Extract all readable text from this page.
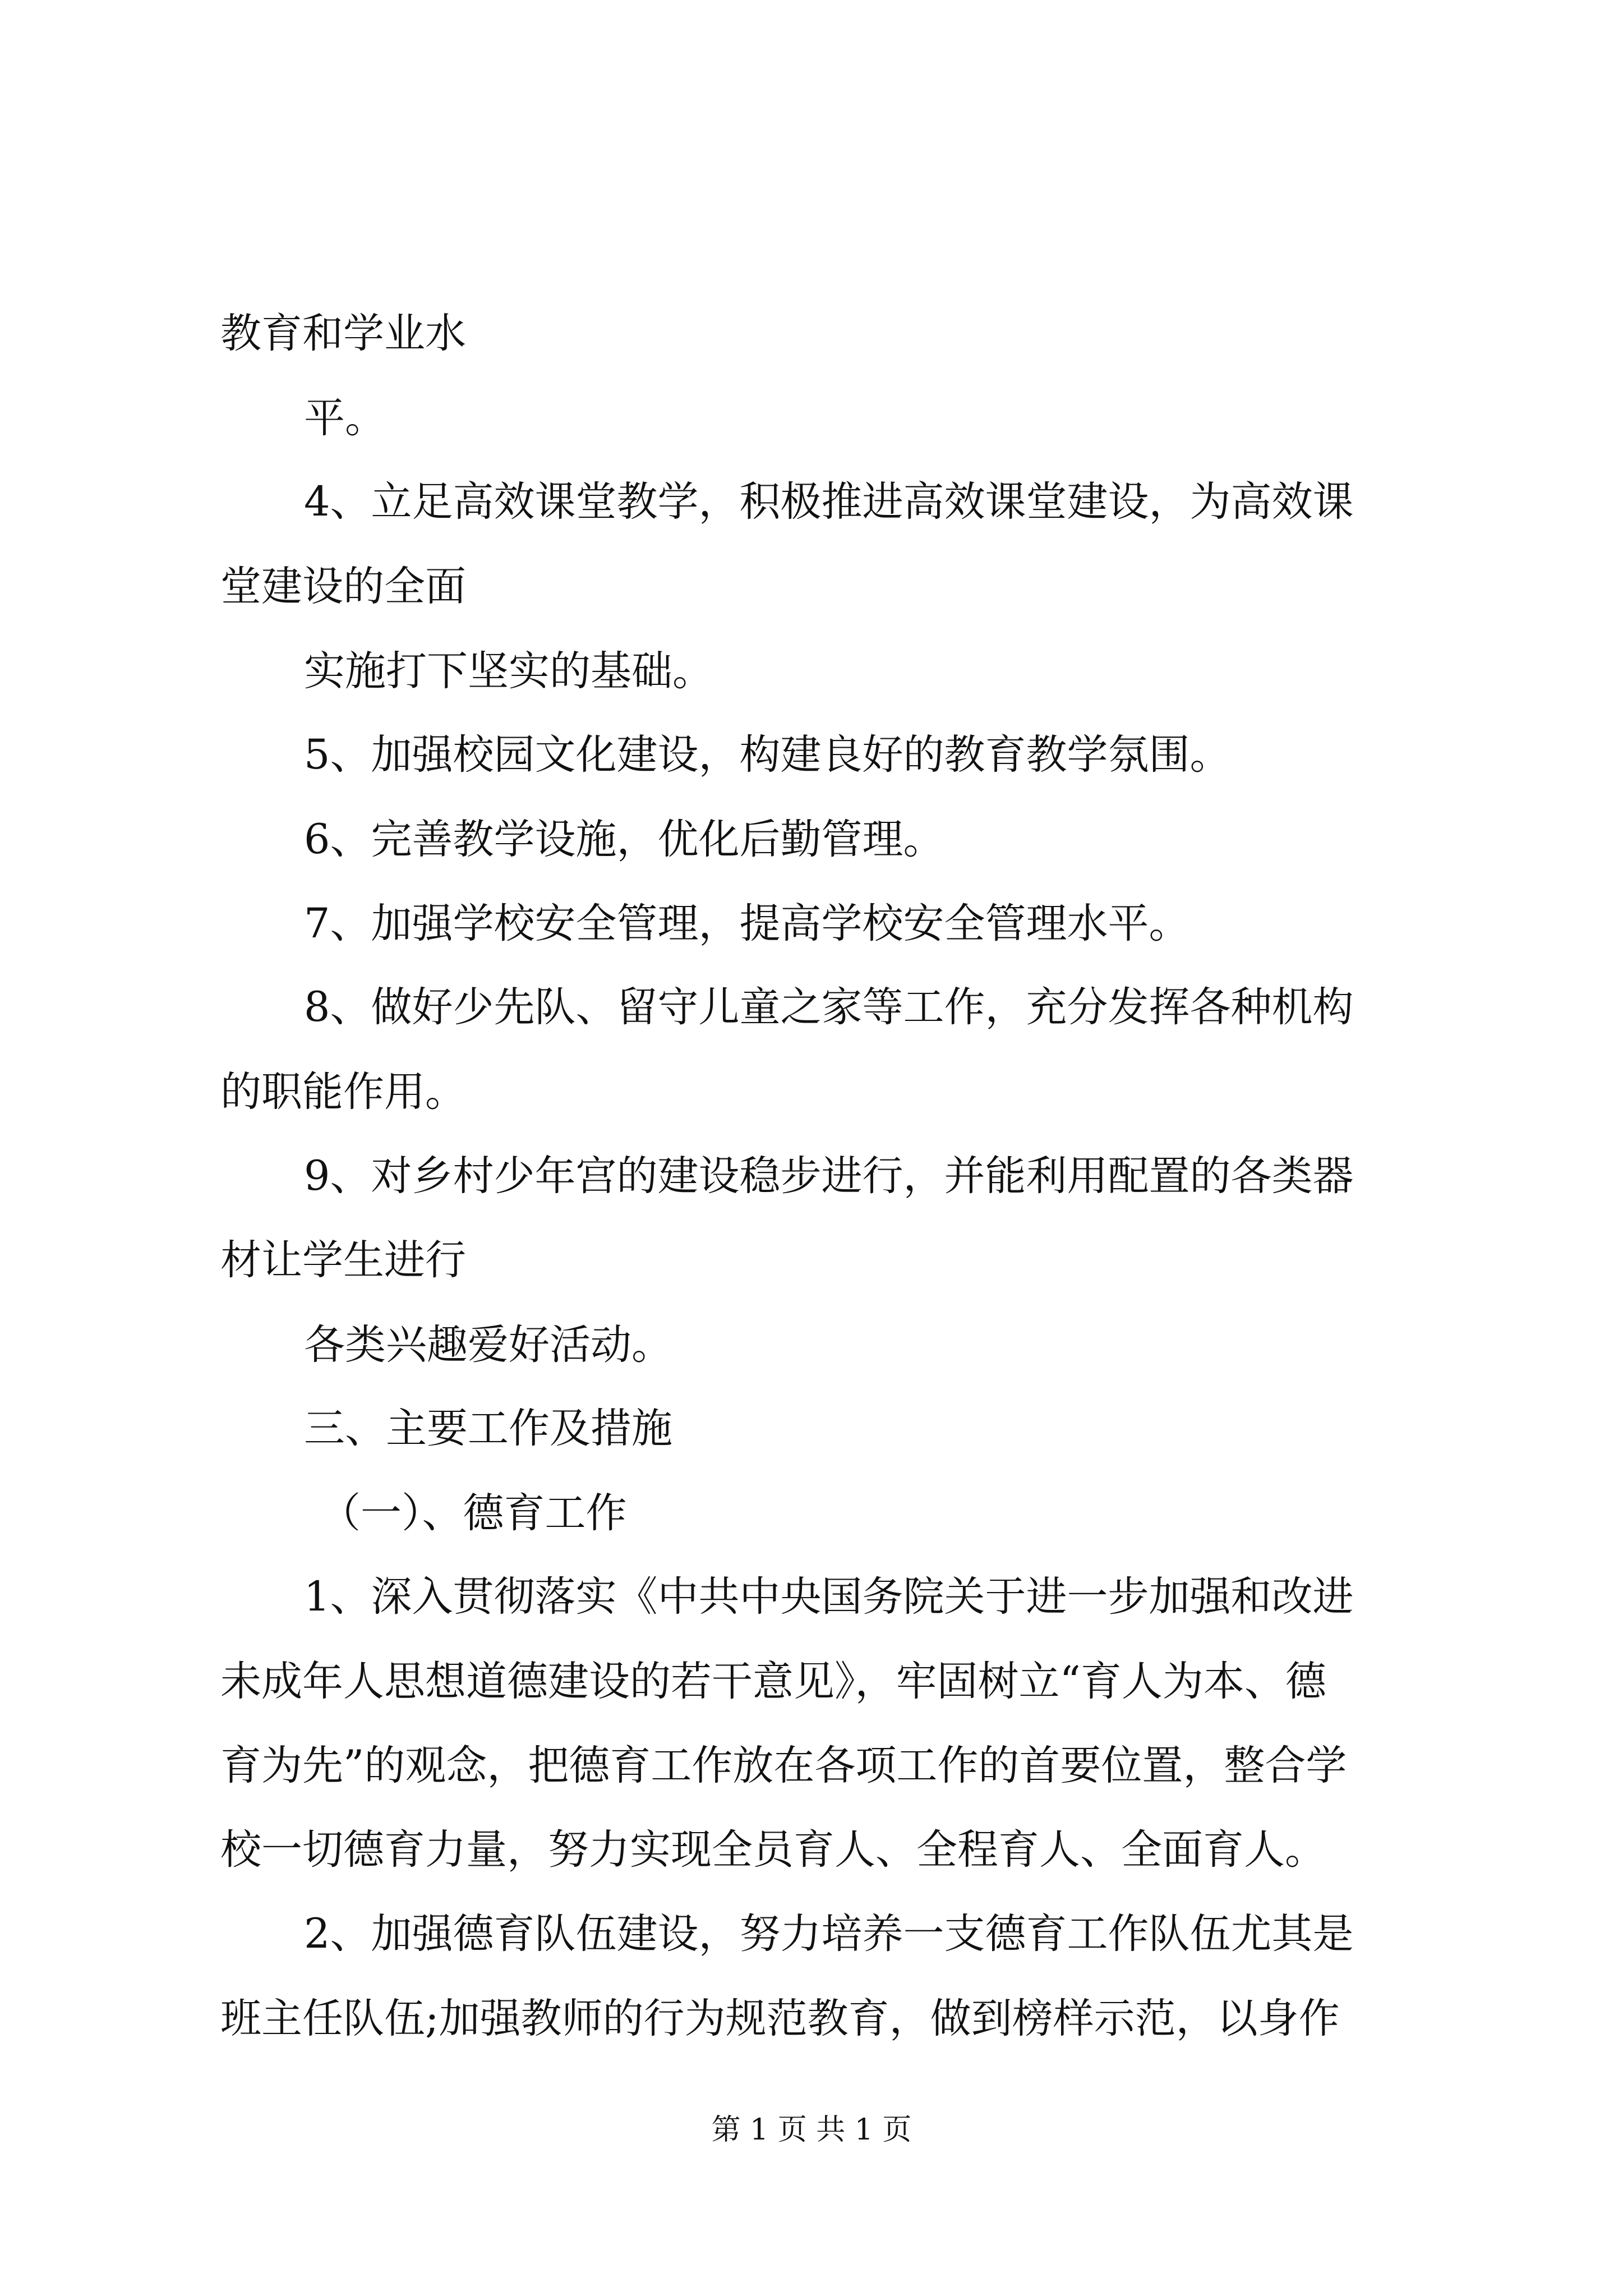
教育和学业水

平。

4、立足高效课堂教学，积极推进高效课堂建设，为高效课

堂建设的全面

实施打下坚实的基础。

5、加强校园文化建设，构建良好的教育教学氛围。

6、完善教学设施，优化后勤管理。

7、加强学校安全管理，提高学校安全管理水平。

8、做好少先队、留守儿童之家等工作，充分发挥各种机构

的职能作用。

9、对乡村少年宫的建设稳步进行，并能利用配置的各类器

材让学生进行

各类兴趣爱好活动。

三、主要工作及措施

（一）、德育工作

1、深入贯彻落实《中共中央国务院关于进一步加强和改进

未成年人思想道德建设的若干意见》，牢固树立“育人为本、德

育为先”的观念，把德育工作放在各项工作的首要位置，整合学

校一切德育力量，努力实现全员育人、全程育人、全面育人。

2、加强德育队伍建设，努力培养一支德育工作队伍尤其是

班主任队伍;加强教师的行为规范教育，做到榜样示范，以身作

第 1 页 共 1 页
